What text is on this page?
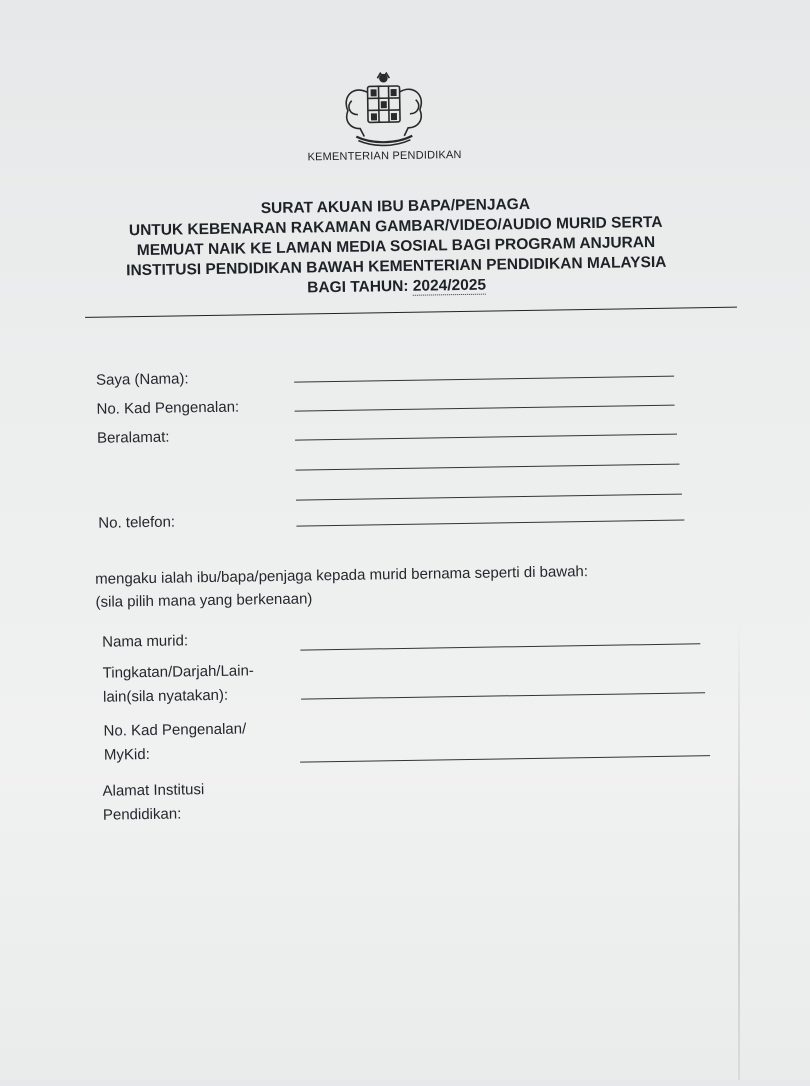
KEMENTERIAN PENDIDIKAN
SURAT AKUAN IBU BAPA/PENJAGA
UNTUK KEBENARAN RAKAMAN GAMBAR/VIDEO/AUDIO MURID SERTA
MEMUAT NAIK KE LAMAN MEDIA SOSIAL BAGI PROGRAM ANJURAN
INSTITUSI PENDIDIKAN BAWAH KEMENTERIAN PENDIDIKAN MALAYSIA
BAGI TAHUN: 2024/2025
Saya (Nama):
No. Kad Pengenalan:
Beralamat:
No. telefon:
mengaku ialah ibu/bapa/penjaga kepada murid bernama seperti di bawah:
(sila pilih mana yang berkenaan)
Nama murid:
Tingkatan/Darjah/Lain-
lain(sila nyatakan):
No. Kad Pengenalan/
MyKid:
Alamat Institusi
Pendidikan:
